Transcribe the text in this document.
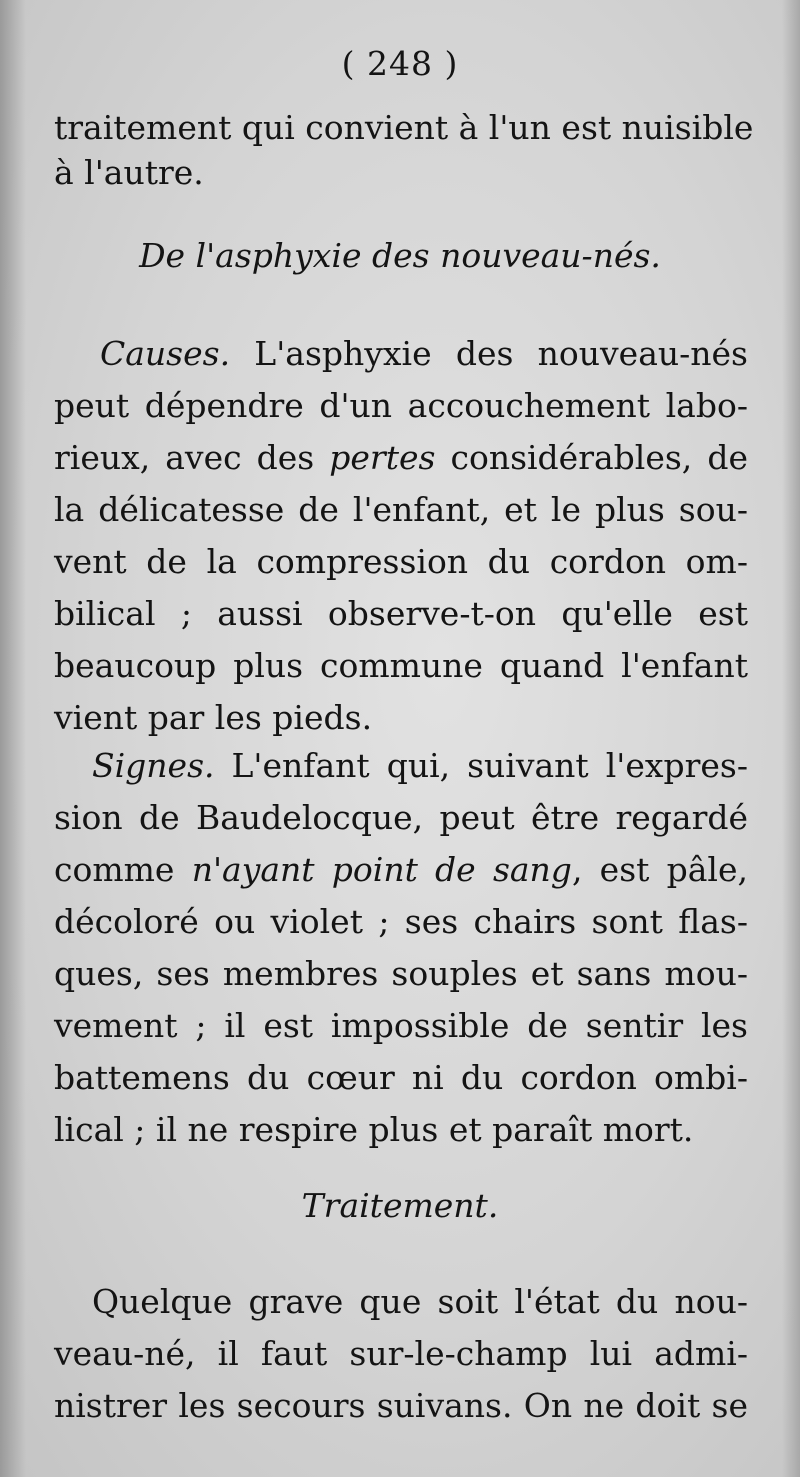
( 248 )
traitement qui convient à l'un est nuisible
à l'autre.
De l'asphyxie des nouveau-nés.
Causes. L'asphyxie des nouveau-nés
peut dépendre d'un accouchement labo-
rieux, avec des pertes considérables, de
la délicatesse de l'enfant, et le plus sou-
vent de la compression du cordon om-
bilical ; aussi observe-t-on qu'elle est
beaucoup plus commune quand l'enfant
vient par les pieds.
Signes. L'enfant qui, suivant l'expres-
sion de Baudelocque, peut être regardé
comme n'ayant point de sang, est pâle,
décoloré ou violet ; ses chairs sont flas-
ques, ses membres souples et sans mou-
vement ; il est impossible de sentir les
battemens du cœur ni du cordon ombi-
lical ; il ne respire plus et paraît mort.
Traitement.
Quelque grave que soit l'état du nou-
veau-né, il faut sur-le-champ lui admi-
nistrer les secours suivans. On ne doit se
